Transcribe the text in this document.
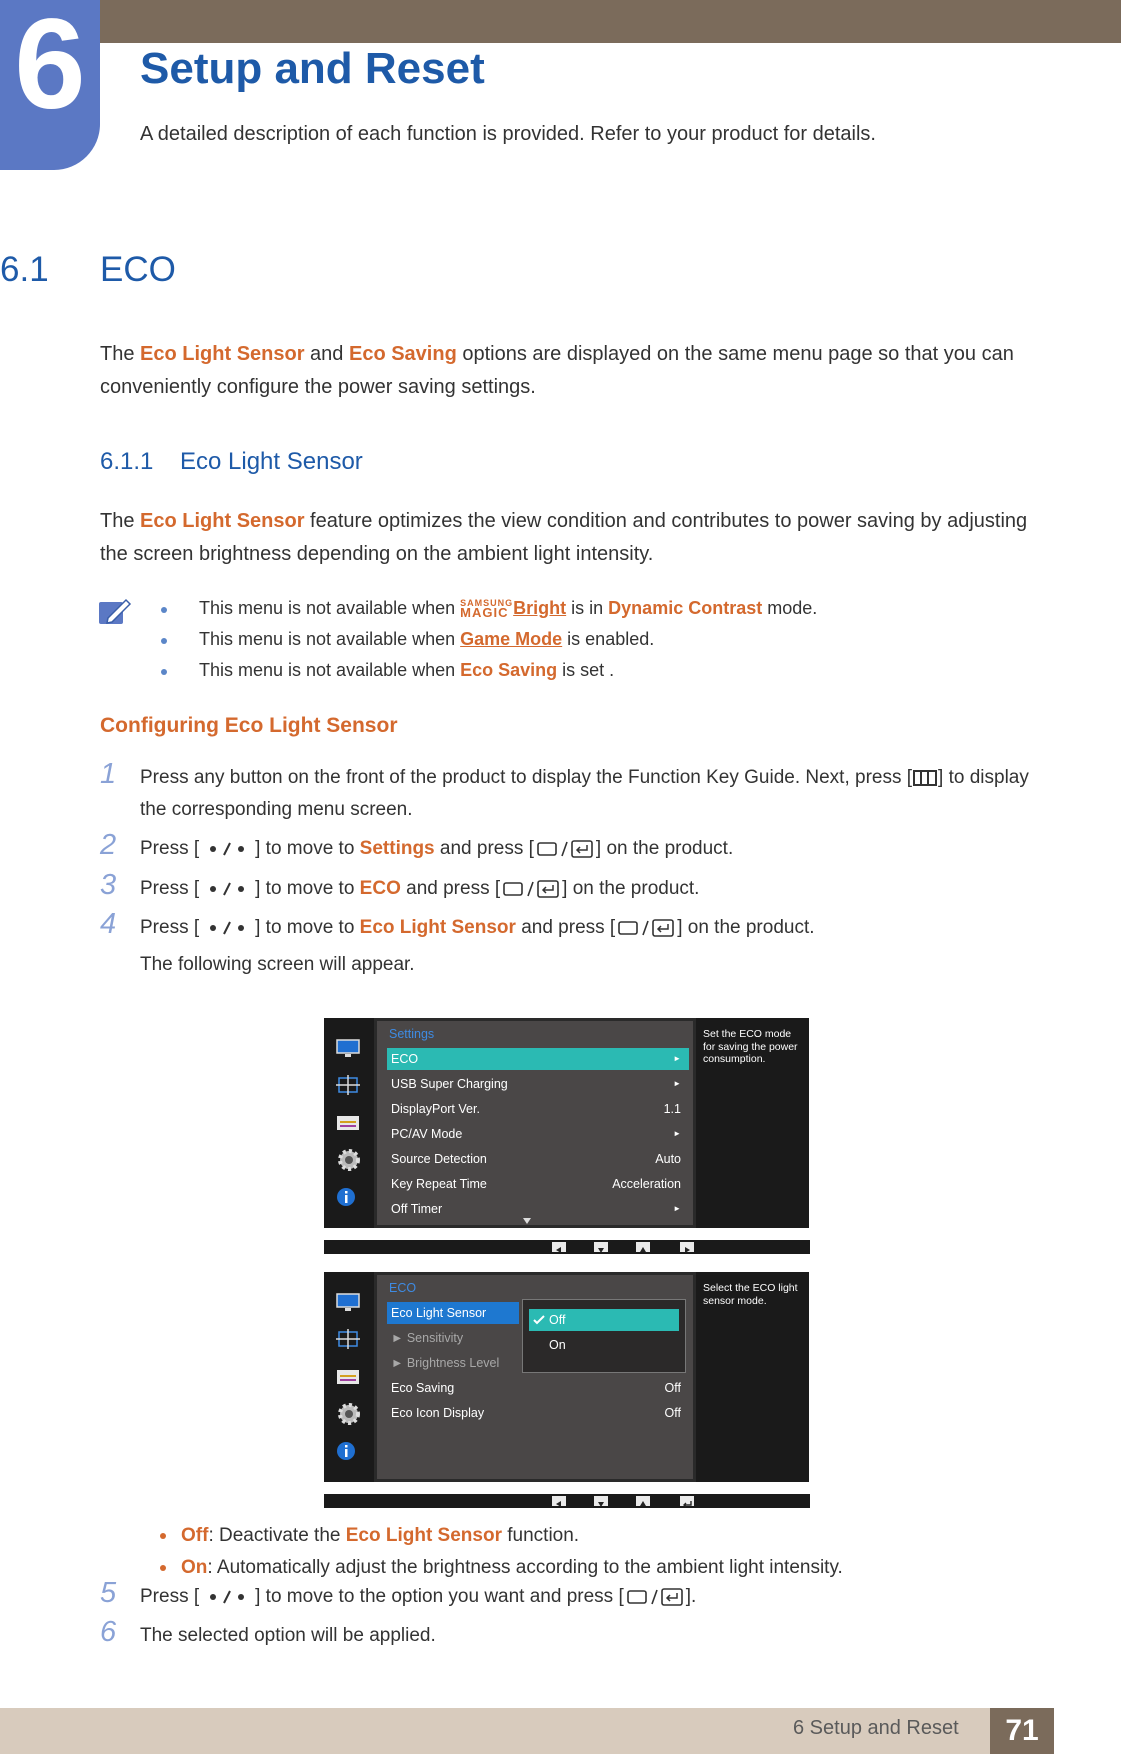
6	Setup and Reset
A detailed description of each function is provided. Refer to your product for details.
6.1 ECO
The Eco Light Sensor and Eco Saving options are displayed on the same menu page so that you can conveniently configure the power saving settings.
6.1.1 Eco Light Sensor
The Eco Light Sensor feature optimizes the view condition and contributes to power saving by adjusting the screen brightness depending on the ambient light intensity.
This menu is not available when SAMSUNG
MAGIC Bright is in Dynamic Contrast mode.
This menu is not available when Game Mode is enabled.
This menu is not available when Eco Saving is set .
Configuring Eco Light Sensor
1 Press any button on the front of the product to display the Function Key Guide. Next, press [ ] to display the corresponding menu screen.
2 Press [	] to move to Settings and press [	] on the product.
3 Press [	] to move to ECO and press [	] on the product.
4 Press [	] to move to Eco Light Sensor and press [	] on the product.
The following screen will appear.
Settings
ECO	►
USB Super Charging	►
DisplayPort Ver.	1.1
PC/AV Mode	►
Source Detection	Auto
Key Repeat Time	Acceleration
Off Timer	►
Set the ECO mode for saving the power consumption.
ECO
Eco Light Sensor
► Sensitivity
► Brightness Level
Eco Saving	Off
Eco Icon Display	Off
Off
On
Select the ECO light sensor mode.
Off: Deactivate the Eco Light Sensor function.
On: Automatically adjust the brightness according to the ambient light intensity.
5 Press [	] to move to the option you want and press [	].
6 The selected option will be applied.
6 Setup and Reset	71
